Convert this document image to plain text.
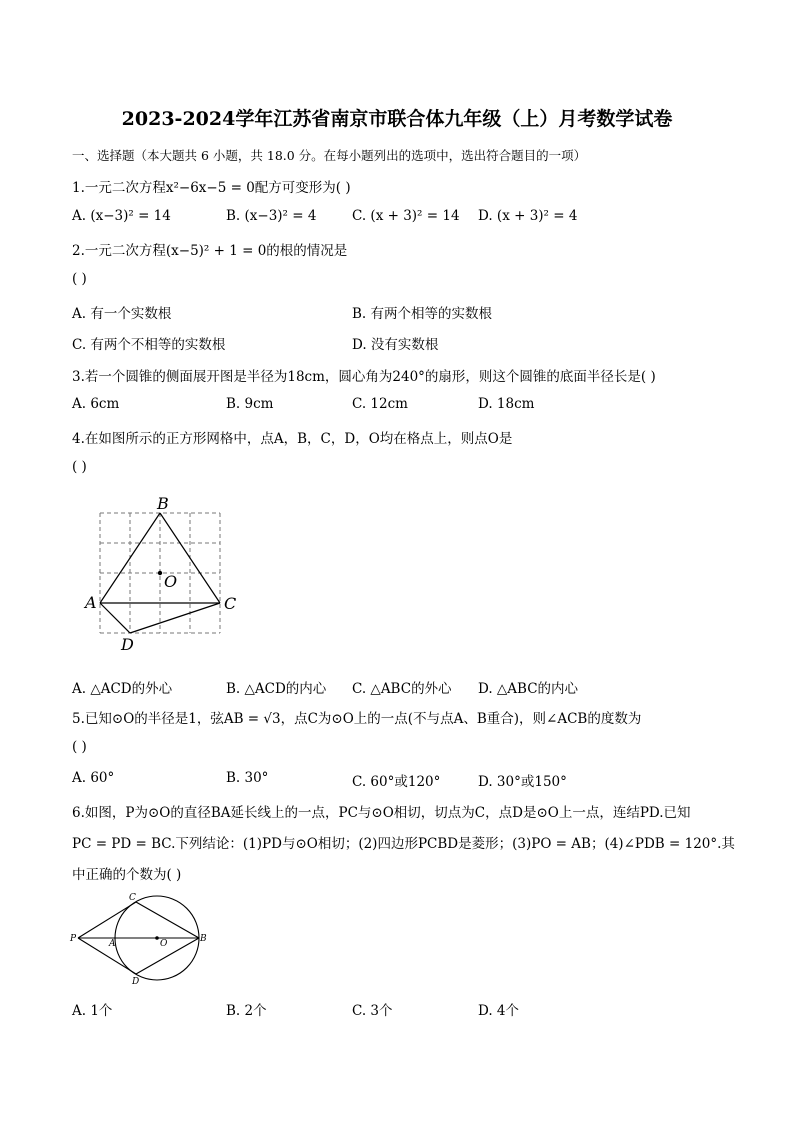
2023-2024学年江苏省南京市联合体九年级（上）月考数学试卷
一、选择题（本大题共 6 小题，共 18.0 分。在每小题列出的选项中，选出符合题目的一项）
1.一元二次方程x²−6x−5 = 0配方可变形为( )
A. (x−3)² = 14	B. (x−3)² = 4	C. (x + 3)² = 14 D. (x + 3)² = 4
2.一元二次方程(x−5)² + 1 = 0的根的情况是
( )
A. 有一个实数根	B. 有两个相等的实数根
C. 有两个不相等的实数根	D. 没有实数根
3.若一个圆锥的侧面展开图是半径为18cm，圆心角为240°的扇形，则这个圆锥的底面半径长是( )
A. 6cm	B. 9cm	C. 12cm	D. 18cm
4.在如图所示的正方形网格中，点A，B，C，D，O均在格点上，则点O是
( )
B
O
A	C
D
A. △ACD的外心	B. △ACD的内心 C. △ABC的外心 D. △ABC的内心
5.已知⊙O的半径是1，弦AB = √3，点C为⊙O上的一点(不与点A、B重合)，则∠ACB的度数为
( )
A. 60°	B. 30°	C. 60°或120°	D. 30°或150°
6.如图，P为⊙O的直径BA延长线上的一点，PC与⊙O相切，切点为C，点D是⊙O上一点，连结PD.已知
PC = PD = BC.下列结论：(1)PD与⊙O相切；(2)四边形PCBD是菱形；(3)PO = AB；(4)∠PDB = 120°.其
中正确的个数为( )
C
P	A	O	B
D
A. 1个	B. 2个	C. 3个	D. 4个
